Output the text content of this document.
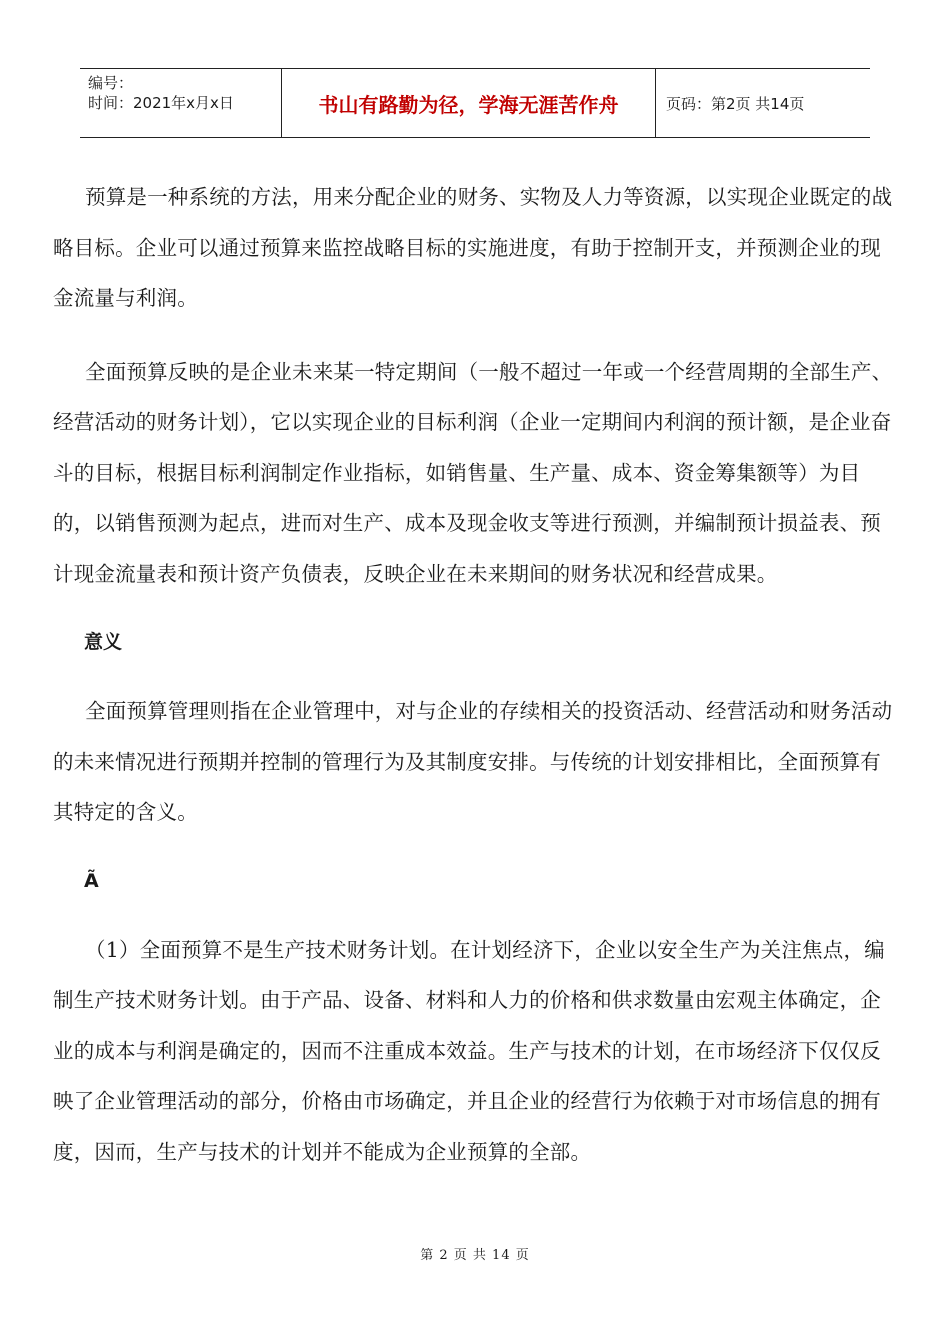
编号：
时间：2021年x月x日	书山有路勤为径，学海无涯苦作舟	页码：第2页 共14页

预算是一种系统的方法，用来分配企业的财务、实物及人力等资源，以实现企业既定的战略目标。企业可以通过预算来监控战略目标的实施进度，有助于控制开支，并预测企业的现金流量与利润。

全面预算反映的是企业未来某一特定期间（一般不超过一年或一个经营周期的全部生产、经营活动的财务计划），它以实现企业的目标利润（企业一定期间内利润的预计额，是企业奋斗的目标，根据目标利润制定作业指标，如销售量、生产量、成本、资金筹集额等）为目的，以销售预测为起点，进而对生产、成本及现金收支等进行预测，并编制预计损益表、预计现金流量表和预计资产负债表，反映企业在未来期间的财务状况和经营成果。

意义

全面预算管理则指在企业管理中，对与企业的存续相关的投资活动、经营活动和财务活动的未来情况进行预期并控制的管理行为及其制度安排。与传统的计划安排相比，全面预算有其特定的含义。

Ã

（1）全面预算不是生产技术财务计划。在计划经济下，企业以安全生产为关注焦点，编制生产技术财务计划。由于产品、设备、材料和人力的价格和供求数量由宏观主体确定，企业的成本与利润是确定的，因而不注重成本效益。生产与技术的计划，在市场经济下仅仅反映了企业管理活动的部分，价格由市场确定，并且企业的经营行为依赖于对市场信息的拥有度，因而，生产与技术的计划并不能成为企业预算的全部。

第 2 页 共 14 页
